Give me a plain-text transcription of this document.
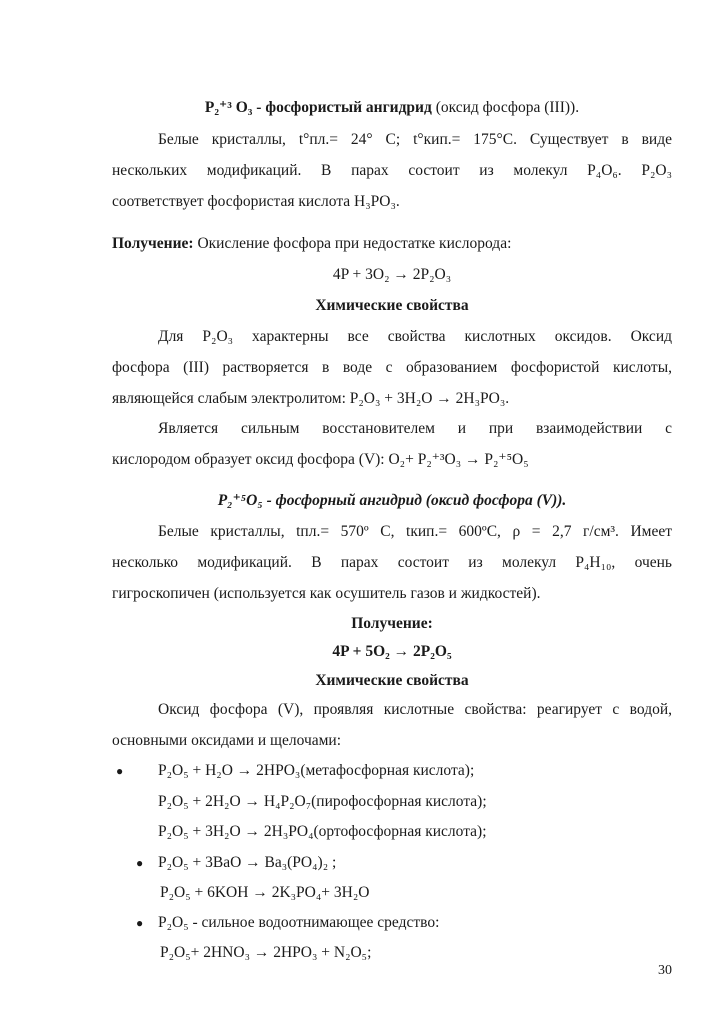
P₂⁺³ O₃ - фосфористый ангидрид (оксид фосфора (III)).
Белые кристаллы, t°пл.= 24° С; t°кип.= 175°С. Существует в виде
нескольких модификаций. В парах состоит из молекул P₄O₆. P₂O₃
соответствует фосфористая кислота H₃PO₃.
Получение: Окисление фосфора при недостатке кислорода:
4P + 3O₂ → 2P₂O₃
Химические свойства
Для P₂O₃ характерны все свойства кислотных оксидов. Оксид
фосфора (III) растворяется в воде с образованием фосфористой кислоты,
являющейся слабым электролитом: P₂O₃ + 3H₂O → 2H₃PO₃.
Является сильным восстановителем и при взаимодействии с
кислородом образует оксид фосфора (V): O₂+ P₂⁺³O₃ → P₂⁺⁵O₅
P₂⁺⁵O₅ - фосфорный ангидрид (оксид фосфора (V)).
Белые кристаллы, tпл.= 570º С, tкип.= 600ºС, ρ = 2,7 г/см³. Имеет
несколько модификаций. В парах состоит из молекул P₄H₁₀, очень
гигроскопичен (используется как осушитель газов и жидкостей).
Получение:
4P + 5O₂ → 2P₂O₅
Химические свойства
Оксид фосфора (V), проявляя кислотные свойства: реагирует с водой,
основными оксидами и щелочами:
● P₂O₅ + H₂O → 2HPO₃(метафосфорная кислота);
P₂O₅ + 2H₂O → H₄P₂O₇(пирофосфорная кислота);
P₂O₅ + 3H₂O → 2H₃PO₄(ортофосфорная кислота);
● P₂O₅ + 3BaO → Ba₃(PO₄)₂ ;
P₂O₅ + 6KOH → 2K₃PO₄+ 3H₂O
● P₂O₅ - сильное водоотнимающее средство:
P₂O₅+ 2HNO₃ → 2HPO₃ + N₂O₅;
30
